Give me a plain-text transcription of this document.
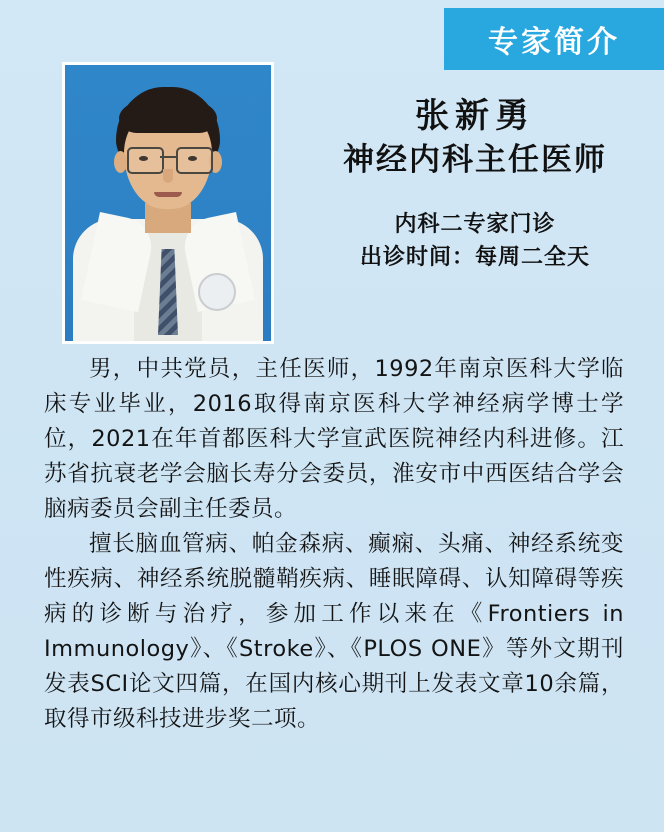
专家简介
张新勇
神经内科主任医师
内科二专家门诊
出诊时间：每周二全天

男，中共党员，主任医师，1992年南京医科大学临床专业毕业，2016取得南京医科大学神经病学博士学位，2021在年首都医科大学宣武医院神经内科进修。江苏省抗衰老学会脑长寿分会委员，淮安市中西医结合学会脑病委员会副主任委员。

擅长脑血管病、帕金森病、癫痫、头痛、神经系统变性疾病、神经系统脱髓鞘疾病、睡眠障碍、认知障碍等疾病的诊断与治疗，参加工作以来在《Frontiers in Immunology》、《Stroke》、《PLOS ONE》等外文期刊发表SCI论文四篇，在国内核心期刊上发表文章10余篇，取得市级科技进步奖二项。
